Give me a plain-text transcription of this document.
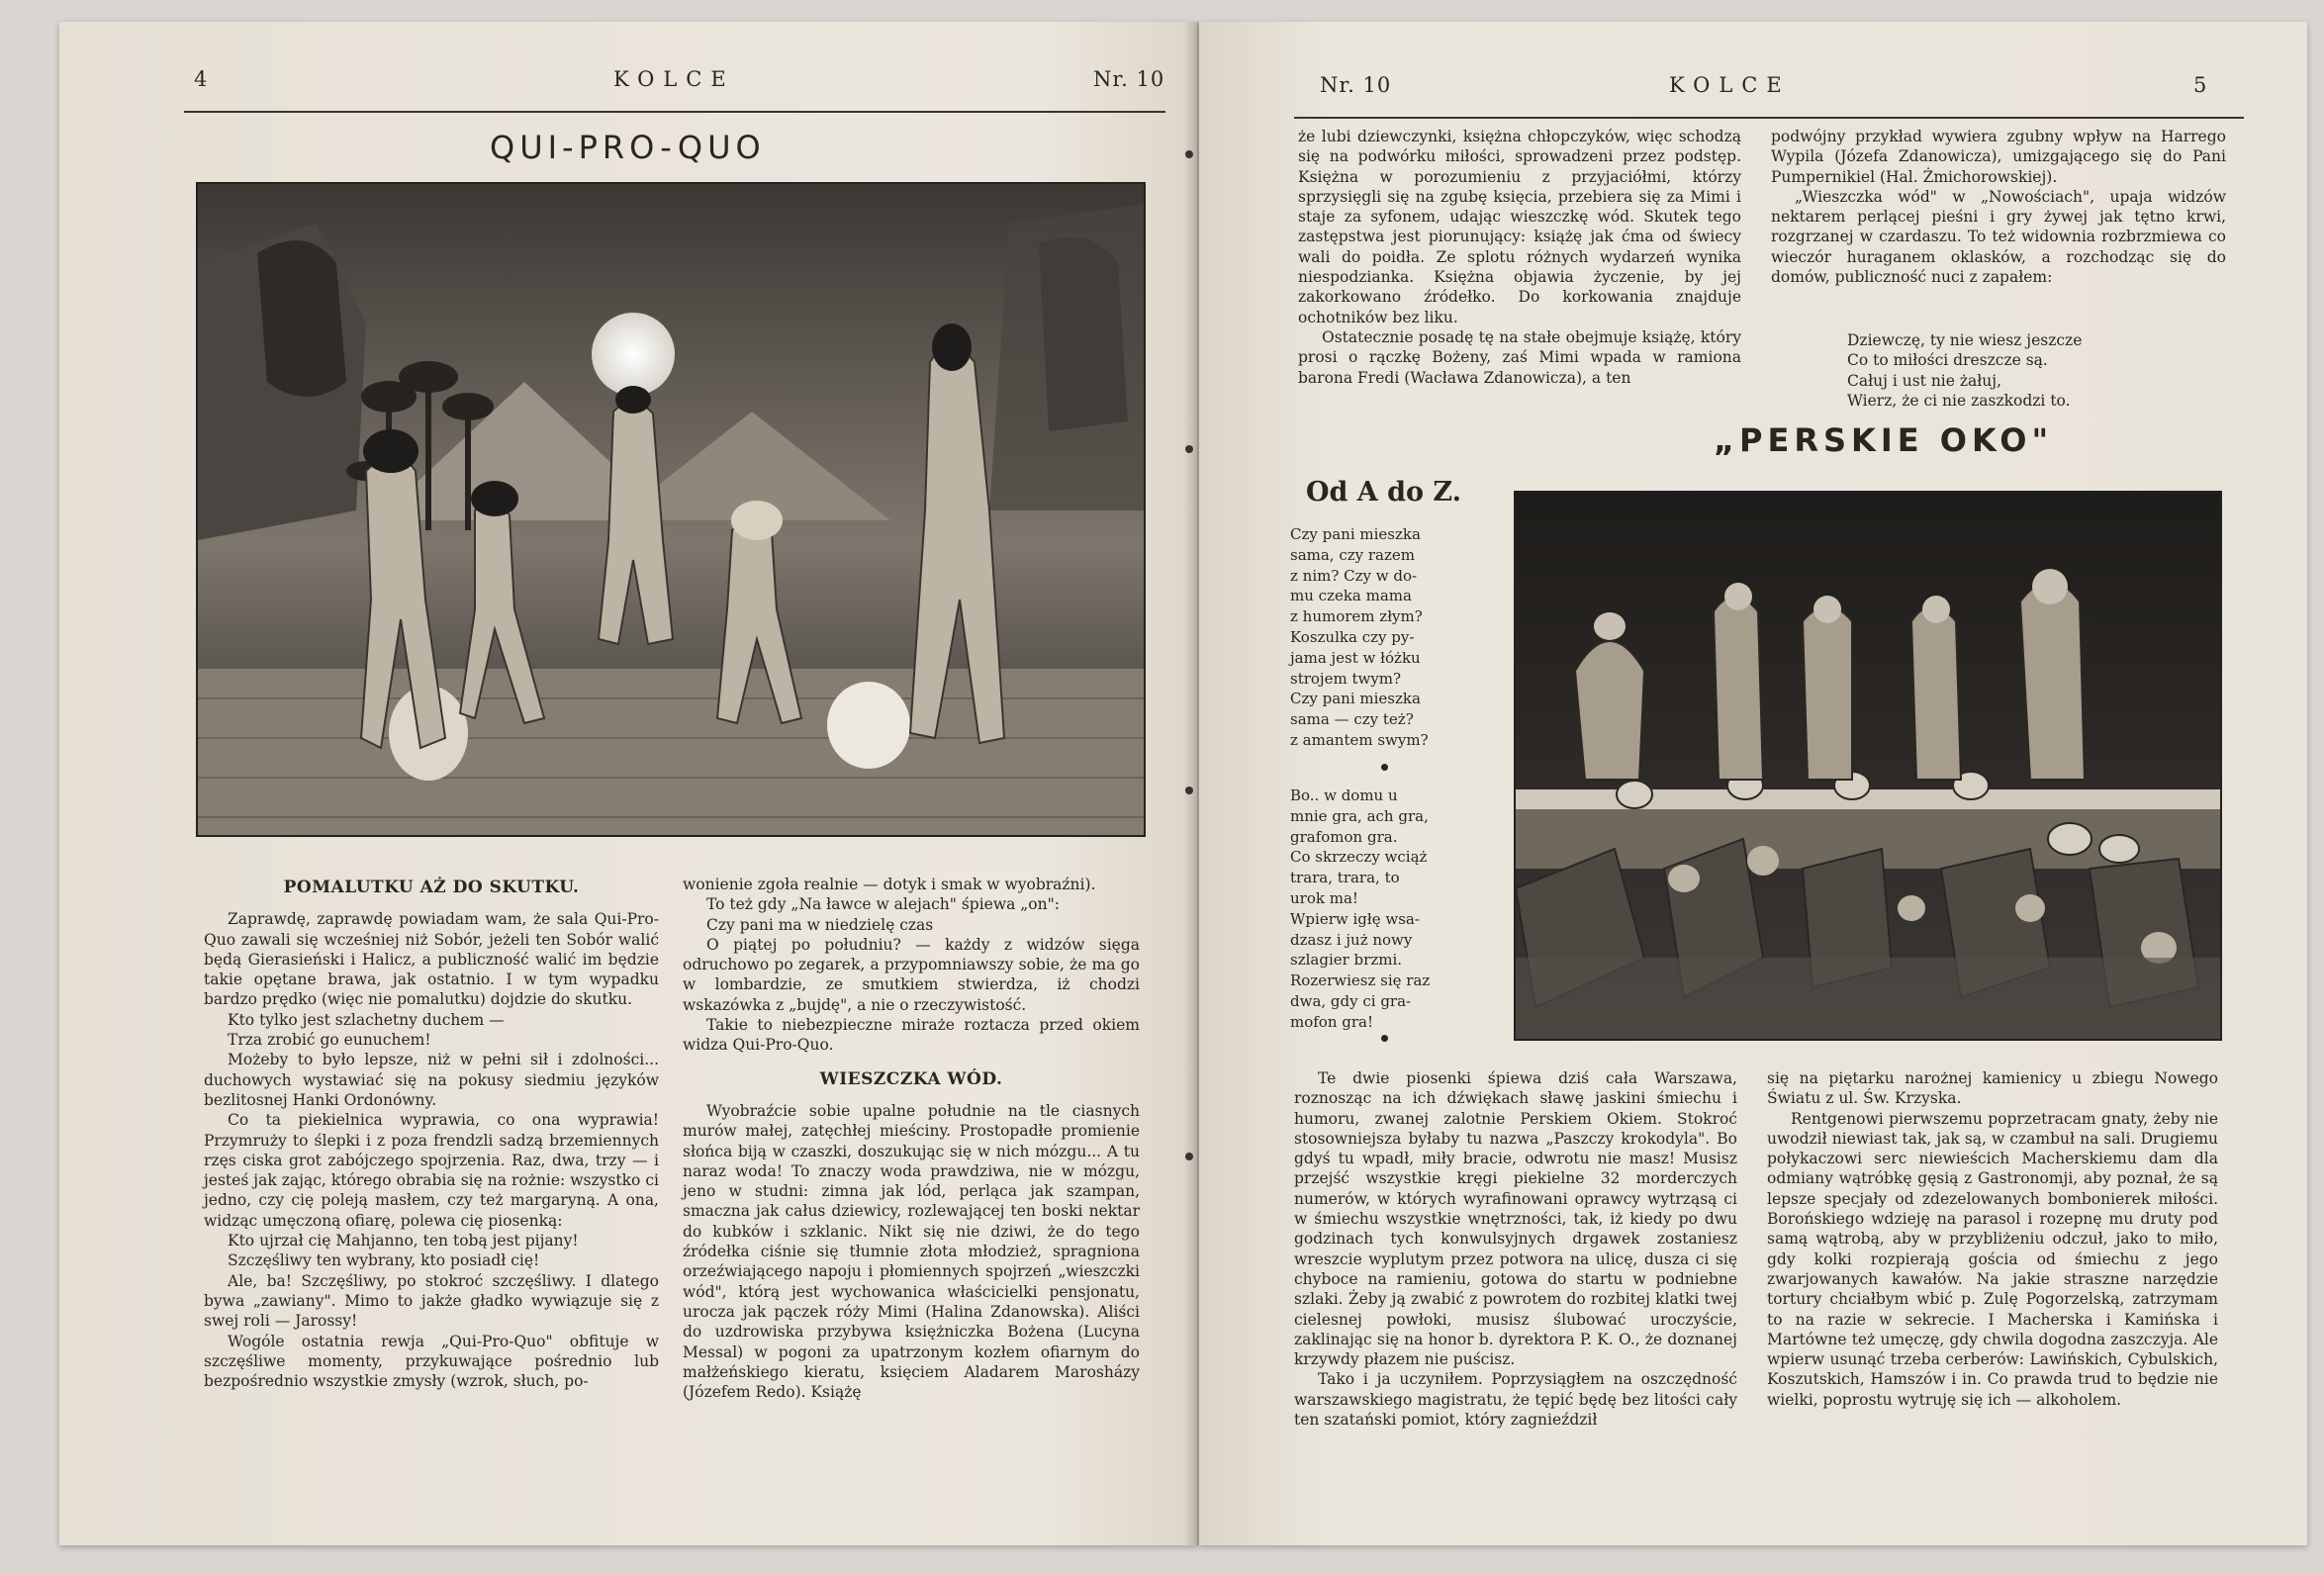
4	KOLCE	Nr. 10
QUI-PRO-QUO
POMALUTKU AŻ DO SKUTKU.

Zaprawdę, zaprawdę powiadam wam, że sala Qui-Pro-Quo zawali się wcześniej niż Sobór, jeżeli ten Sobór walić będą Gierasieński i Halicz, a publiczność walić im będzie takie opętane brawa, jak ostatnio. I w tym wypadku bardzo prędko (więc nie pomalutku) dojdzie do skutku.

Kto tylko jest szlachetny duchem —

Trza zrobić go eunuchem!

Możeby to było lepsze, niż w pełni sił i zdolności... duchowych wystawiać się na pokusy siedmiu języków bezlitosnej Hanki Ordonówny.

Co ta piekielnica wyprawia, co ona wyprawia! Przymruży to ślepki i z poza frendzli sadzą brzemiennych rzęs ciska grot zabójczego spojrzenia. Raz, dwa, trzy — i jesteś jak zając, którego obrabia się na rożnie: wszystko ci jedno, czy cię poleją masłem, czy też margaryną. A ona, widząc umęczoną ofiarę, polewa cię piosenką:

Kto ujrzał cię Mahjanno, ten tobą jest pijany!

Szczęśliwy ten wybrany, kto posiadł cię!

Ale, ba! Szczęśliwy, po stokroć szczęśliwy. I dlatego bywa „zawiany". Mimo to jakże gładko wywiązuje się z swej roli — Jarossy!

Wogóle ostatnia rewja „Qui-Pro-Quo" obfituje w szczęśliwe momenty, przykuwające pośrednio lub bezpośrednio wszystkie zmysły (wzrok, słuch, po-

wonienie zgoła realnie — dotyk i smak w wyobraźni).

To też gdy „Na ławce w alejach" śpiewa „on":

Czy pani ma w niedzielę czas

O piątej po południu? — każdy z widzów sięga odruchowo po zegarek, a przypomniawszy sobie, że ma go w lombardzie, ze smutkiem stwierdza, iż chodzi wskazówka z „bujdę", a nie o rzeczywistość.

Takie to niebezpieczne miraże roztacza przed okiem widza Qui-Pro-Quo.

WIESZCZKA WÓD.

Wyobraźcie sobie upalne południe na tle ciasnych murów małej, zatęchłej mieściny. Prostopadłe promienie słońca biją w czaszki, doszukując się w nich mózgu... A tu naraz woda! To znaczy woda prawdziwa, nie w mózgu, jeno w studni: zimna jak lód, perląca jak szampan, smaczna jak całus dziewicy, rozlewającej ten boski nektar do kubków i szklanic. Nikt się nie dziwi, że do tego źródełka ciśnie się tłumnie złota młodzież, spragniona orzeźwiającego napoju i płomiennych spojrzeń „wieszczki wód", którą jest wychowanica właścicielki pensjonatu, urocza jak pączek róży Mimi (Halina Zdanowska). Aliści do uzdrowiska przybywa księżniczka Bożena (Lucyna Messal) w pogoni za upatrzonym kozłem ofiarnym do małżeńskiego kieratu, księciem Aladarem Marosházy (Józefem Redo). Książę

Nr. 10	KOLCE	5

że lubi dziewczynki, księżna chłopczyków, więc schodzą się na podwórku miłości, sprowadzeni przez podstęp. Księżna w porozumieniu z przyjaciółmi, którzy sprzysięgli się na zgubę księcia, przebiera się za Mimi i staje za syfonem, udając wieszczkę wód. Skutek tego zastępstwa jest piorunujący: książę jak ćma od świecy wali do poidła. Ze splotu różnych wydarzeń wynika niespodzianka. Księżna objawia życzenie, by jej zakorkowano źródełko. Do korkowania znajduje ochotników bez liku.

Ostatecznie posadę tę na stałe obejmuje książę, który prosi o rączkę Bożeny, zaś Mimi wpada w ramiona barona Fredi (Wacława Zdanowicza), a ten

podwójny przykład wywiera zgubny wpływ na Harrego Wypila (Józefa Zdanowicza), umizgającego się do Pani Pumpernikiel (Hal. Żmichorowskiej).

„Wieszczka wód" w „Nowościach", upaja widzów nektarem perlącej pieśni i gry żywej jak tętno krwi, rozgrzanej w czardaszu. To też widownia rozbrzmiewa co wieczór huraganem oklasków, a rozchodząc się do domów, publiczność nuci z zapałem:

Dziewczę, ty nie wiesz jeszcze
Co to miłości dreszcze są.
Całuj i ust nie żałuj,
Wierz, że ci nie zaszkodzi to.
„PERSKIE OKO"
Od A do Z.
Czy pani mieszka
sama, czy razem
z nim? Czy w do-
mu czeka mama
z humorem złym?
Koszulka czy py-
jama jest w łóżku
strojem twym?
Czy pani mieszka
sama — czy też?
z amantem swym?
Bo.. w domu u
mnie gra, ach gra,
grafomon gra.
Co skrzeczy wciąż
trara, trara, to
urok ma!
Wpierw igłę wsa-
dzasz i już nowy
szlagier brzmi.
Rozerwiesz się raz
dwa, gdy ci gra-
mofon gra!

Te dwie piosenki śpiewa dziś cała Warszawa, roznosząc na ich dźwiękach sławę jaskini śmiechu i humoru, zwanej zalotnie Perskiem Okiem. Stokroć stosowniejsza byłaby tu nazwa „Paszczy krokodyla". Bo gdyś tu wpadł, miły bracie, odwrotu nie masz! Musisz przejść wszystkie kręgi piekielne 32 morderczych numerów, w których wyrafinowani oprawcy wytrząsą ci w śmiechu wszystkie wnętrzności, tak, iż kiedy po dwu godzinach tych konwulsyjnych drgawek zostaniesz wreszcie wyplutym przez potwora na ulicę, dusza ci się chyboce na ramieniu, gotowa do startu w podniebne szlaki. Żeby ją zwabić z powrotem do rozbitej klatki twej cielesnej powłoki, musisz ślubować uroczyście, zaklinając się na honor b. dyrektora P. K. O., że doznanej krzywdy płazem nie puścisz.

Tako i ja uczyniłem. Poprzysiągłem na oszczędność warszawskiego magistratu, że tępić będę bez litości cały ten szatański pomiot, który zagnieździł

się na piętarku narożnej kamienicy u zbiegu Nowego Światu z ul. Św. Krzyska.

Rentgenowi pierwszemu poprzetracam gnaty, żeby nie uwodził niewiast tak, jak są, w czambuł na sali. Drugiemu połykaczowi serc niewieścich Macherskiemu dam dla odmiany wątróbkę gęsią z Gastronomji, aby poznał, że są lepsze specjały od zdezelowanych bombonierek miłości. Borońskiego wdzieję na parasol i rozepnę mu druty pod samą wątrobą, aby w przybliżeniu odczuł, jako to miło, gdy kolki rozpierają gościa od śmiechu z jego zwarjowanych kawałów. Na jakie straszne narzędzie tortury chciałbym wbić p. Zulę Pogorzelską, zatrzymam to na razie w sekrecie. I Macherska i Kamińska i Martówne też umęczę, gdy chwila dogodna zaszczyja. Ale wpierw usunąć trzeba cerberów: Lawińskich, Cybulskich, Koszutskich, Hamszów i in. Co prawda trud to będzie nie wielki, poprostu wytruję się ich — alkoholem.
